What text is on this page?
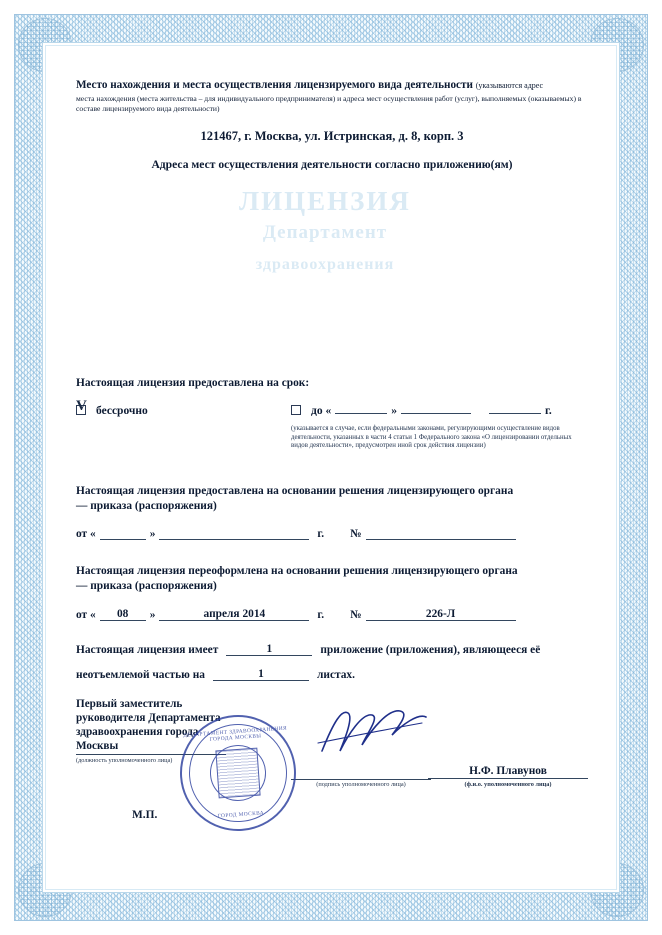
ЛИЦЕНЗИЯ
Департамент
здравоохранения
Место нахождения и места осуществления лицензируемого вида деятельности (указываются адрес
места нахождения (места жительства – для индивидуального предпринимателя) и адреса мест осуществления работ (услуг), выполняемых (оказываемых) в составе лицензируемого вида деятельности)
121467, г. Москва, ул. Истринская, д. 8, корп. 3
Адреса мест осуществления деятельности согласно приложению(ям)
Настоящая лицензия предоставлена на срок:
V бессрочно	до «	»	г.
(указывается в случае, если федеральными законами, регулирующими осуществление видов деятельности, указанных в части 4 статьи 1 Федерального закона «О лицензировании отдельных видов деятельности», предусмотрен иной срок действия лицензии)
Настоящая лицензия предоставлена на основании решения лицензирующего органа
— приказа (распоряжения)
от «	»	г. №
Настоящая лицензия переоформлена на основании решения лицензирующего органа
— приказа (распоряжения)
от «	08	»	апреля 2014	г. №	226-Л
Настоящая лицензия имеет	1	приложение (приложения), являющееся её
неотъемлемой частью на	1	листах.
Первый заместитель
руководителя Департамента
здравоохранения города
Москвы
(должность уполномоченного лица)
(подпись уполномоченного лица)
Н.Ф. Плавунов
(ф.и.о. уполномоченного лица)
ДЕПАРТАМЕНТ ЗДРАВООХРАНЕНИЯ ГОРОДА МОСКВЫ
ГОРОД МОСКВА
М.П.
